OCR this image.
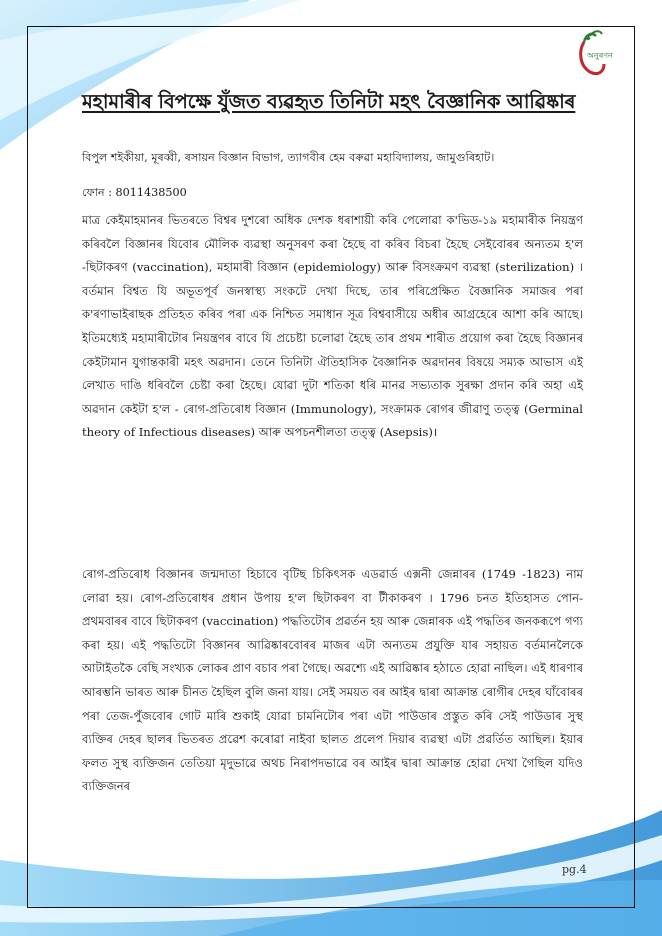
অনুৰণন
মহামাৰীৰ বিপক্ষে যুঁজত ব্যৱহৃত তিনিটা মহৎ বৈজ্ঞানিক আৱিষ্কাৰ
বিপুল শইকীয়া, মূৰব্বী, ৰসায়ন বিজ্ঞান বিভাগ, ত্যাগবীৰ হেম বৰুৱা মহাবিদ্যালয়, জামুগুৰিহাট।
ফোন : 8011438500

মাত্ৰ কেইমাহমানৰ ভিতৰতে বিশ্বৰ দুশৰো অধিক দেশক ধৰাশায়ী কৰি পেলোৱা ক'ভিড-১৯ মহামাৰীক নিয়ন্ত্ৰণ কৰিবলৈ বিজ্ঞানৰ যিবোৰ মৌলিক ব্যৱস্থা অনুসৰণ কৰা হৈছে বা কৰিব বিচৰা হৈছে সেইবোৰৰ অন্যতম হ'ল -ছিটাকৰণ (vaccination), মহামাৰী বিজ্ঞান (epidemiology) আৰু বিসংক্ৰমণ ব্যৱস্থা (sterilization) । বৰ্তমান বিশ্বত যি অভূতপূৰ্ব জনস্বাস্থ্য সংকটে দেখা দিছে, তাৰ পৰিপ্ৰেক্ষিত বৈজ্ঞানিক সমাজৰ পৰা ক'ৰণাভাইৰাছক প্ৰতিহত কৰিব পৰা এক নিশ্চিত সমাধান সূত্ৰ বিশ্ববাসীয়ে অধীৰ আগ্ৰহেৰে আশা কৰি আছে। ইতিমধ্যেই মহামাৰীটোৰ নিয়ন্ত্ৰণৰ বাবে যি প্ৰচেষ্টা চলোৱা হৈছে তাৰ প্ৰথম শাৰীত প্ৰয়োগ কৰা হৈছে বিজ্ঞানৰ কেইটামান যুগান্তকাৰী মহৎ অৱদান। তেনে তিনিটা ঐতিহাসিক বৈজ্ঞানিক অৱদানৰ বিষয়ে সম্যক আভাস এই লেখাত দাঙি ধৰিবলৈ চেষ্টা কৰা হৈছে। যোৱা দুটা শতিকা ধৰি মানৱ সভ্যতাক সুৰক্ষা প্ৰদান কৰি অহা এই অৱদান কেইটা হ'ল - ৰোগ-প্ৰতিৰোধ বিজ্ঞান (Immunology), সংক্ৰামক ৰোগৰ জীৱাণু তত্ত্ব (Germinal theory of Infectious diseases) আৰু অপচনশীলতা তত্ত্ব (Asepsis)।

ৰোগ-প্ৰতিৰোধ বিজ্ঞানৰ জন্মদাতা হিচাবে বৃটিছ চিকিৎসক এডৱাৰ্ড এক্সনী জেন্নাৰৰ (1749 -1823) নাম লোৱা হয়। ৰোগ-প্ৰতিৰোধৰ প্ৰধান উপায় হ'ল ছিটাকৰণ বা টীকাকৰণ । 1796 চনত ইতিহাসত পোন-প্ৰথমবাৰৰ বাবে ছিটাকৰণ (vaccination) পদ্ধতিটোৰ প্ৰৱৰ্তন হয় আৰু জেন্নাৰক এই পদ্ধতিৰ জনকৰূপে গণ্য কৰা হয়। এই পদ্ধতিটো বিজ্ঞানৰ আৱিষ্কাৰবোৰৰ মাজৰ এটা অন্যতম প্ৰযুক্তি যাৰ সহায়ত বৰ্তমানলৈকে আটাইতকৈ বেছি সংখ্যক লোকৰ প্ৰাণ বচাব পৰা গৈছে। অৱশ্যে এই আৱিষ্কাৰ হঠাতে হোৱা নাছিল। এই ধাৰণাৰ আৰম্ভনি ভাৰত আৰু চীনত হৈছিল বুলি জনা যায়। সেই সময়ত বৰ আইৰ দ্বাৰা আক্ৰান্ত ৰোগীৰ দেহৰ ঘাঁবোৰৰ পৰা তেজ-পুঁজবোৰ গোট মাৰি শুকাই যোৱা চামনিটোৰ পৰা এটা পাউডাৰ প্ৰস্তুত কৰি সেই পাউডাৰ সুস্থ ব্যক্তিৰ দেহৰ ছালৰ ভিতৰত প্ৰৱেশ কৰোৱা নাইবা ছালত প্ৰলেপ দিয়াৰ ব্যৱস্থা এটা প্ৰৱৰ্তিত আছিল। ইয়াৰ ফলত সুস্থ ব্যক্তিজন তেতিয়া মৃদুভাৱে অথচ নিৰাপদভাৱে বৰ আইৰ দ্বাৰা আক্ৰান্ত হোৱা দেখা গৈছিল যদিও ব্যক্তিজনৰ

pg.4
